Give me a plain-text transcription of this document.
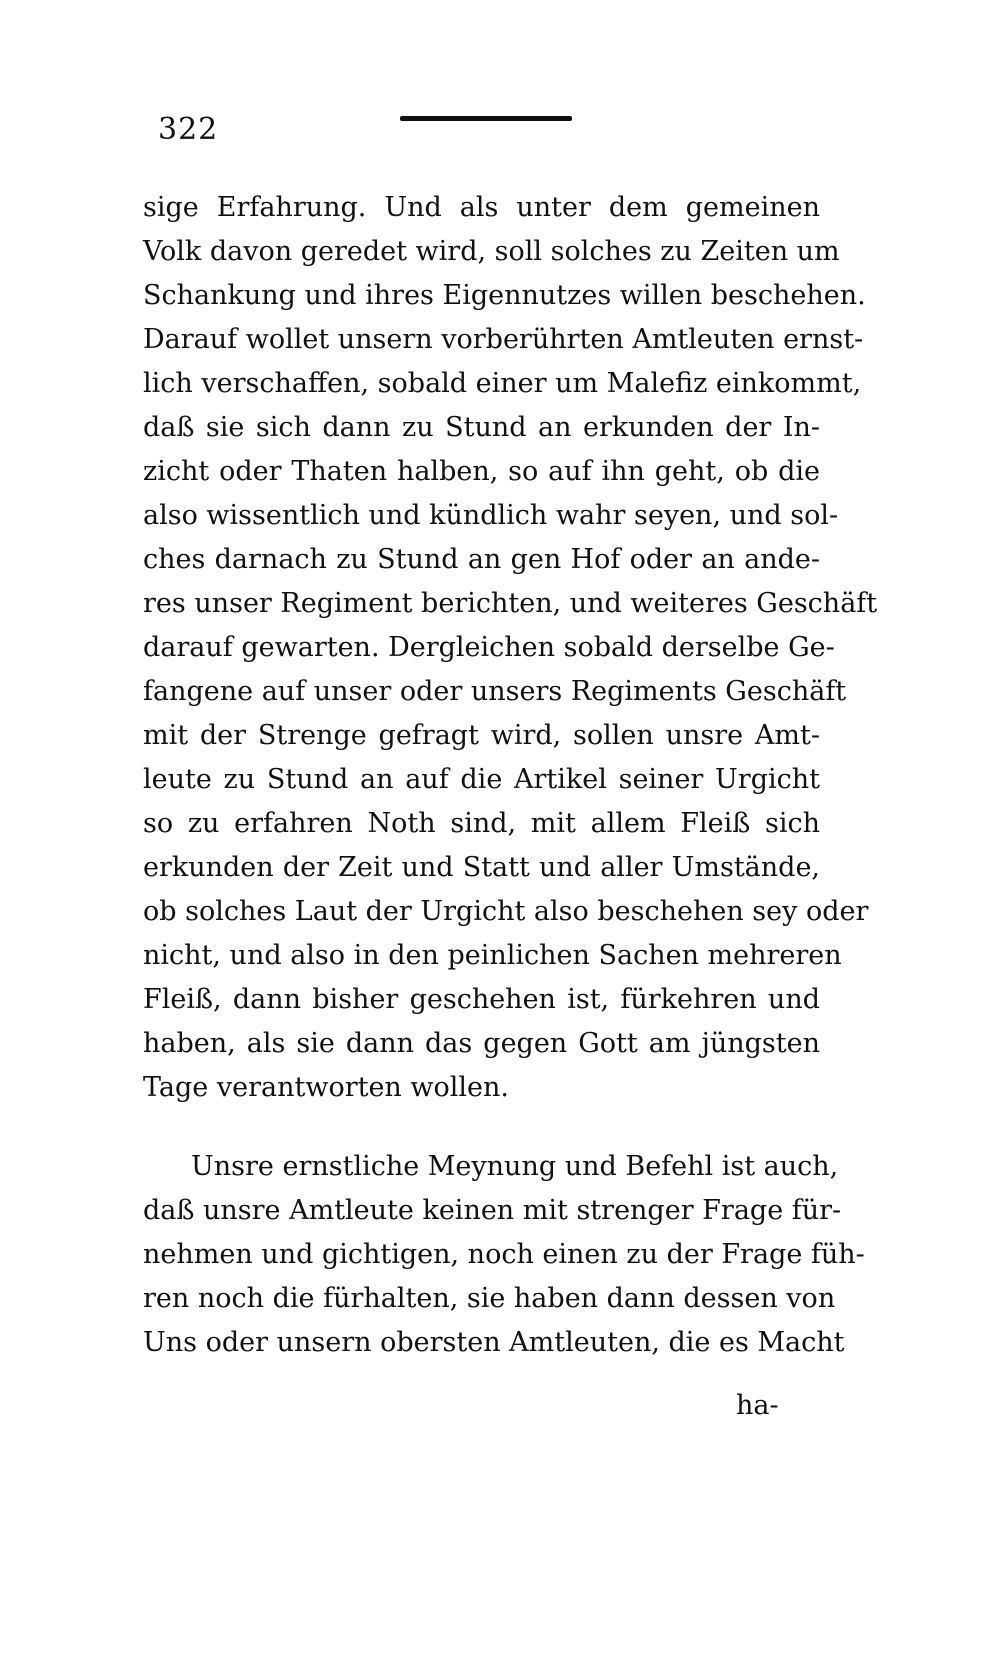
322
sige Erfahrung. Und als unter dem gemeinen
Volk davon geredet wird, soll solches zu Zeiten um
Schankung und ihres Eigennutzes willen beschehen.
Darauf wollet unsern vorberührten Amtleuten ernst-
lich verschaffen, sobald einer um Malefiz einkommt,
daß sie sich dann zu Stund an erkunden der In-
zicht oder Thaten halben, so auf ihn geht, ob die
also wissentlich und kündlich wahr seyen, und sol-
ches darnach zu Stund an gen Hof oder an ande-
res unser Regiment berichten, und weiteres Geschäft
darauf gewarten. Dergleichen sobald derselbe Ge-
fangene auf unser oder unsers Regiments Geschäft
mit der Strenge gefragt wird, sollen unsre Amt-
leute zu Stund an auf die Artikel seiner Urgicht
so zu erfahren Noth sind, mit allem Fleiß sich
erkunden der Zeit und Statt und aller Umstände,
ob solches Laut der Urgicht also beschehen sey oder
nicht, und also in den peinlichen Sachen mehreren
Fleiß, dann bisher geschehen ist, fürkehren und
haben, als sie dann das gegen Gott am jüngsten
Tage verantworten wollen.
Unsre ernstliche Meynung und Befehl ist auch,
daß unsre Amtleute keinen mit strenger Frage für-
nehmen und gichtigen, noch einen zu der Frage füh-
ren noch die fürhalten, sie haben dann dessen von
Uns oder unsern obersten Amtleuten, die es Macht
ha-
